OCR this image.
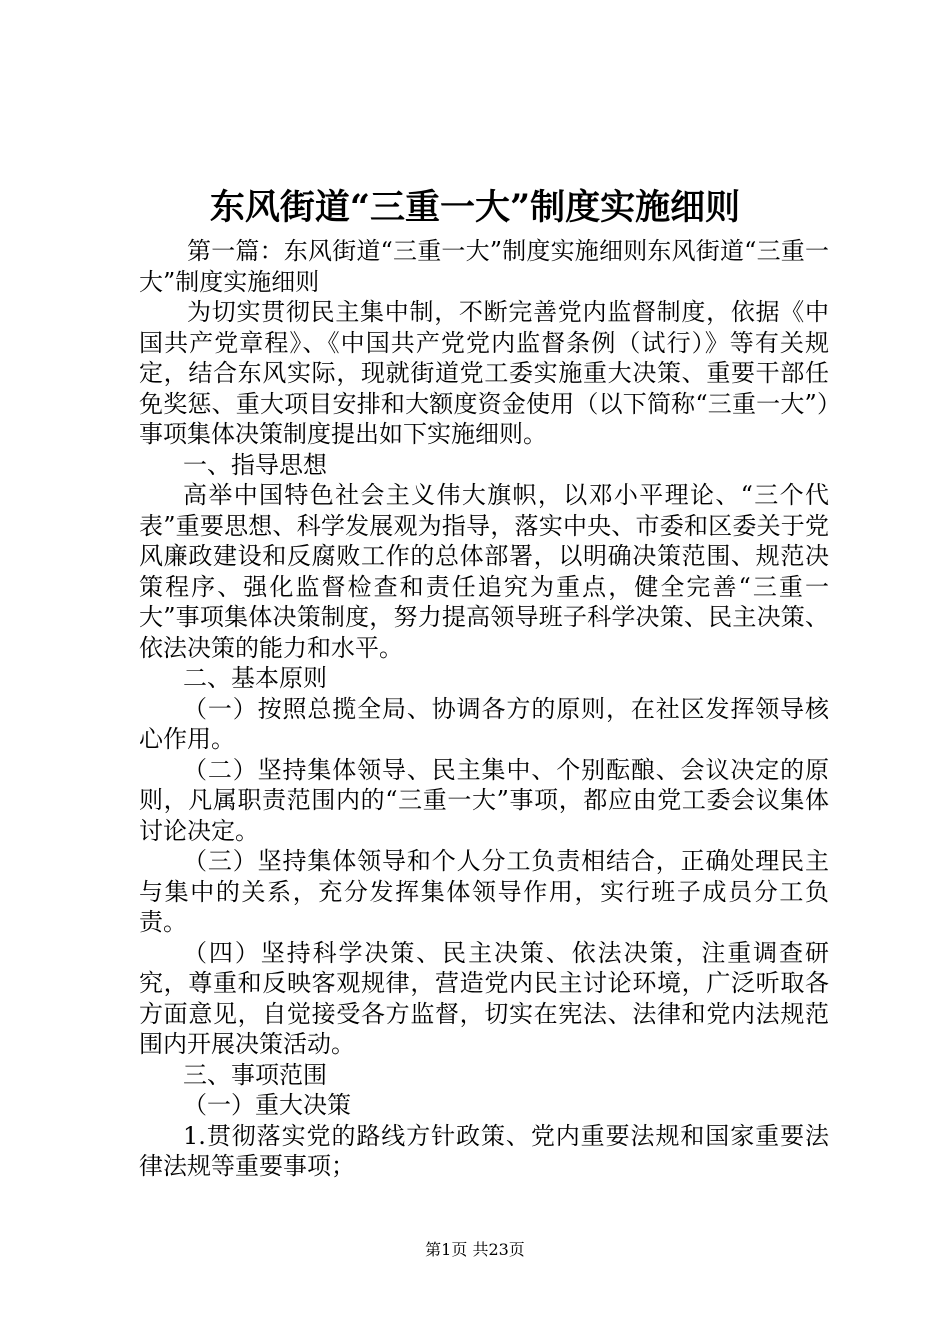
东风街道“三重一大”制度实施细则

第一篇：东风街道“三重一大”制度实施细则东风街道“三重一大”制度实施细则

为切实贯彻民主集中制，不断完善党内监督制度，依据《中国共产党章程》、《中国共产党党内监督条例（试行）》等有关规定，结合东风实际，现就街道党工委实施重大决策、重要干部任免奖惩、重大项目安排和大额度资金使用（以下简称“三重一大”）事项集体决策制度提出如下实施细则。

一、指导思想

高举中国特色社会主义伟大旗帜，以邓小平理论、“三个代表”重要思想、科学发展观为指导，落实中央、市委和区委关于党风廉政建设和反腐败工作的总体部署，以明确决策范围、规范决策程序、强化监督检查和责任追究为重点，健全完善“三重一大”事项集体决策制度，努力提高领导班子科学决策、民主决策、依法决策的能力和水平。

二、基本原则

（一）按照总揽全局、协调各方的原则，在社区发挥领导核心作用。

（二）坚持集体领导、民主集中、个别酝酿、会议决定的原则，凡属职责范围内的“三重一大”事项，都应由党工委会议集体讨论决定。

（三）坚持集体领导和个人分工负责相结合，正确处理民主与集中的关系，充分发挥集体领导作用，实行班子成员分工负责。

（四）坚持科学决策、民主决策、依法决策，注重调查研究，尊重和反映客观规律，营造党内民主讨论环境，广泛听取各方面意见，自觉接受各方监督，切实在宪法、法律和党内法规范围内开展决策活动。

三、事项范围

（一）重大决策

1.贯彻落实党的路线方针政策、党内重要法规和国家重要法律法规等重要事项；

第1页 共23页
